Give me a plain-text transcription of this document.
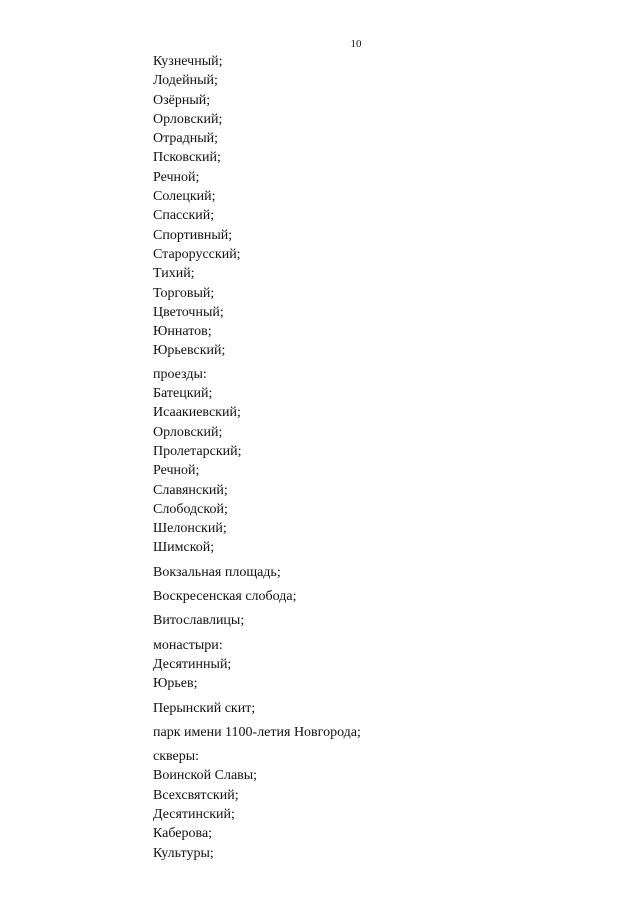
10
Кузнечный;
Лодейный;
Озёрный;
Орловский;
Отрадный;
Псковский;
Речной;
Солецкий;
Спасский;
Спортивный;
Старорусский;
Тихий;
Торговый;
Цветочный;
Юннатов;
Юрьевский;
проезды:
Батецкий;
Исаакиевский;
Орловский;
Пролетарский;
Речной;
Славянский;
Слободской;
Шелонский;
Шимской;
Вокзальная площадь;
Воскресенская слобода;
Витославлицы;
монастыри:
Десятинный;
Юрьев;
Перынский скит;
парк имени 1100-летия Новгорода;
скверы:
Воинской Славы;
Всехсвятский;
Десятинский;
Каберова;
Культуры;
